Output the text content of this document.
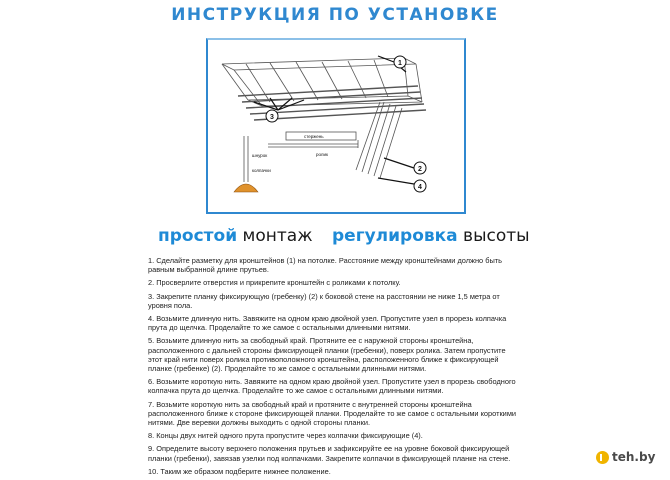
ИНСТРУКЦИЯ ПО УСТАНОВКЕ
1
2
3
4
стержень
шнурок	ролик
колпачки
простой монтаж регулировка высоты

1. Сделайте разметку для кронштейнов (1) на потолке. Расстояние между кронштейнами должно быть равным выбранной длине прутьев.

2. Просверлите отверстия и прикрепите кронштейн с роликами к потолку.

3. Закрепите планку фиксирующую (гребенку) (2) к боковой стене на расстоянии не ниже 1,5 метра от уровня пола.

4. Возьмите длинную нить. Завяжите на одном краю двойной узел. Пропустите узел в прорезь колпачка прута до щелчка. Проделайте то же самое с остальными длинными нитями.

5. Возьмите длинную нить за свободный край. Протяните ее с наружной стороны кронштейна, расположенного с дальней стороны фиксирующей планки (гребенки), поверх ролика. Затем пропустите этот край нити поверх ролика противоположного кронштейна, расположенного ближе к фиксирующей планке (гребенке) (2). Проделайте то же самое с остальными длинными нитями.

6. Возьмите короткую нить. Завяжите на одном краю двойной узел. Пропустите узел в прорезь свободного колпачка прута до щелчка. Проделайте то же самое с остальными длинными нитями.

7. Возьмите короткую нить за свободный край и протяните с внутренней стороны кронштейна расположенного ближе к стороне фиксирующей планки. Проделайте то же самое с остальными короткими нитями. Две веревки должны выходить с одной стороны планки.

8. Концы двух нитей одного прута пропустите через колпачки фиксирующие (4).

9. Определите высоту верхнего положения прутьев и зафиксируйте ее на уровне боковой фиксирующей планки (гребенки), завязав узелки под колпачками. Закрепите колпачки в фиксирующей планке на стене.

10. Таким же образом подберите нижнее положение.

teh.by
